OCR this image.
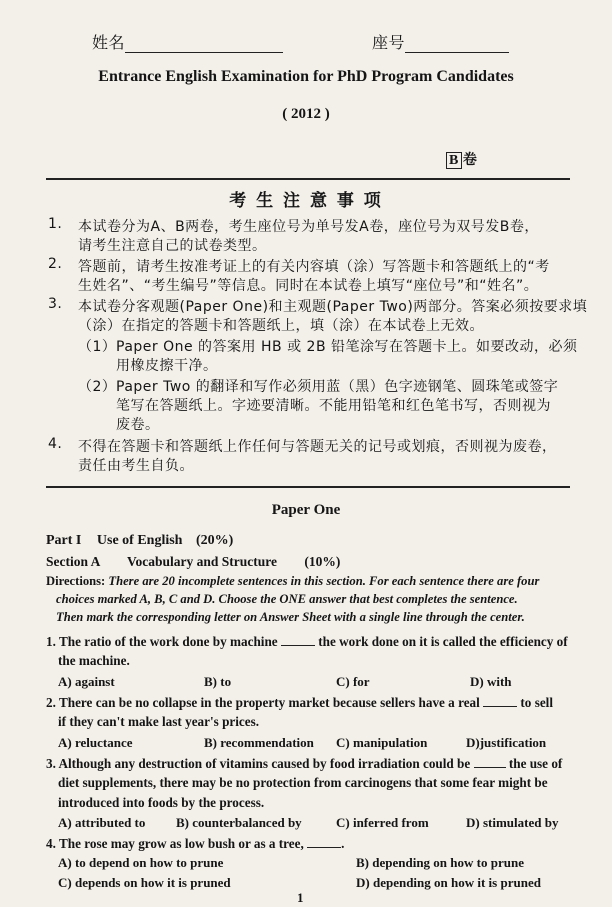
姓名	座号
Entrance English Examination for PhD Program Candidates
( 2012 )
B 卷
考 生 注 意 事 项
1. 本试卷分为A、B两卷，考生座位号为单号发A卷，座位号为双号发B卷，
请考生注意自己的试卷类型。
2. 答题前，请考生按准考证上的有关内容填（涂）写答题卡和答题纸上的“考
生姓名”、“考生编号”等信息。同时在本试卷上填写“座位号”和“姓名”。
3. 本试卷分客观题(Paper One)和主观题(Paper Two)两部分。答案必须按要求填
（涂）在指定的答题卡和答题纸上，填（涂）在本试卷上无效。
（1） Paper One 的答案用 HB 或 2B 铅笔涂写在答题卡上。如要改动，必须
用橡皮擦干净。
（2） Paper Two 的翻译和写作必须用蓝（黑）色字迹钢笔、圆珠笔或签字
笔写在答题纸上。字迹要清晰。不能用铅笔和红色笔书写，否则视为
废卷。
4. 不得在答题卡和答题纸上作任何与答题无关的记号或划痕，否则视为废卷，
责任由考生自负。
Paper One
Part I Use of English (20%)
Section A Vocabulary and Structure (10%)
Directions: There are 20 incomplete sentences in this section. For each sentence there are four
choices marked A, B, C and D. Choose the ONE answer that best completes the sentence.
Then mark the corresponding letter on Answer Sheet with a single line through the center.
1. The ratio of the work done by machine	the work done on it is called the efficiency of
the machine.
A) against	B) to	C) for	D) with
2. There can be no collapse in the property market because sellers have a real	to sell
if they can't make last year's prices.
A) reluctance	B) recommendation C) manipulation	D)justification
3. Although any destruction of vitamins caused by food irradiation could be	the use of
diet supplements, there may be no protection from carcinogens that some fear might be
introduced into foods by the process.
A) attributed to B) counterbalanced by	C) inferred from	D) stimulated by
4. The rose may grow as low bush or as a tree,	.
A) to depend on how to prune	B) depending on how to prune
C) depends on how it is pruned	D) depending on how it is pruned
1
